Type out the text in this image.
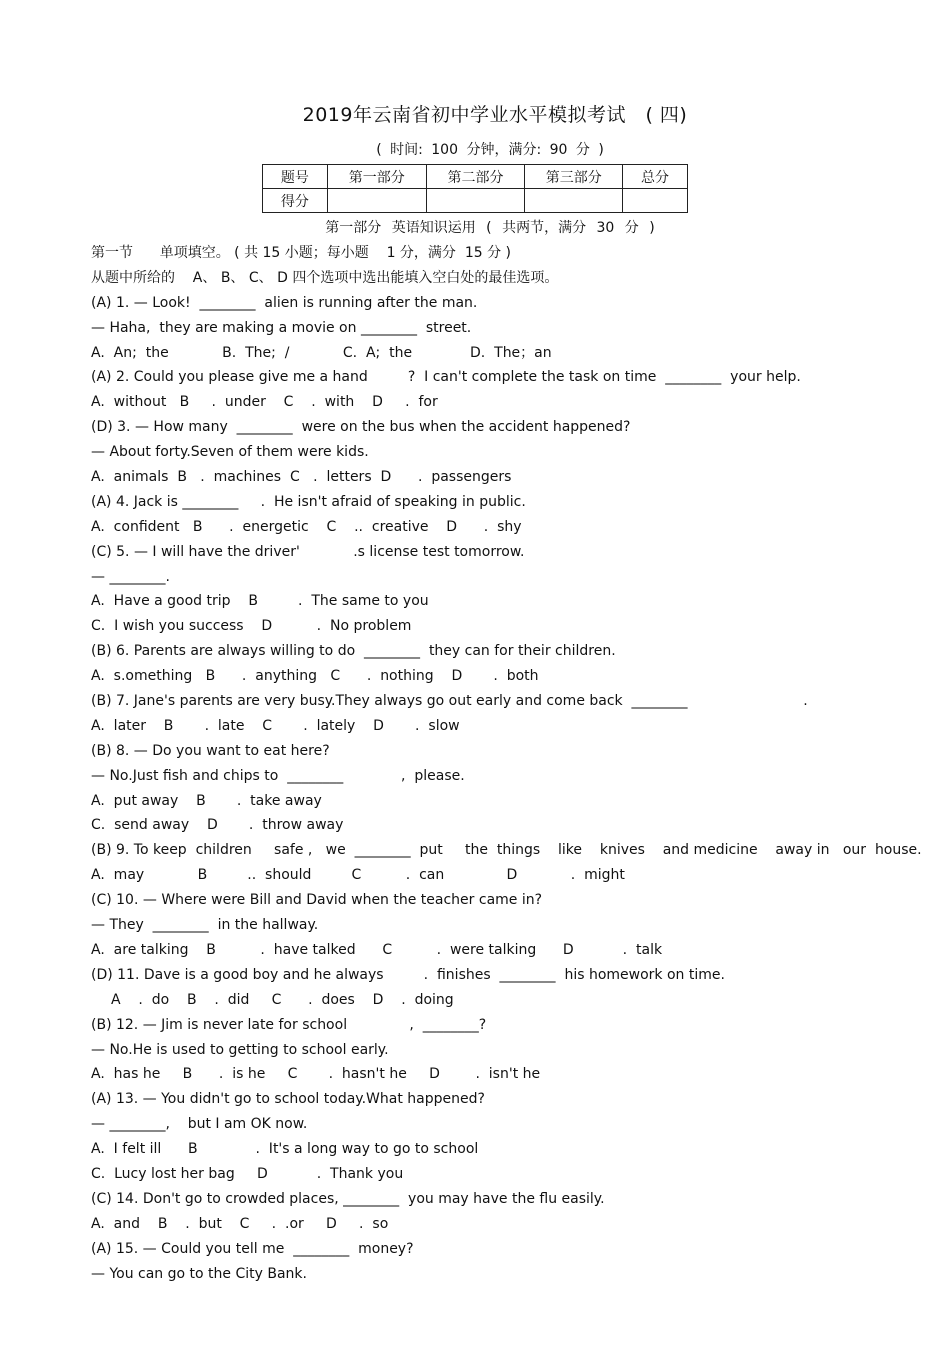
2019年云南省初中学业水平模拟考试　( 四)
( 时间: 100 分钟，满分: 90 分 )
题号	第一部分	第二部分	第三部分	总分
得分				
第一部分 英语知识运用 ( 共两节，满分 30 分 )
第一节      单项填空。 ( 共 15 小题；每小题    1 分，满分  15 分 )
从题中所给的    A、 B、 C、 D 四个选项中选出能填入空白处的最佳选项。
(A) 1. — Look!  ________  alien is running after the man.
— Haha,  they are making a movie on ________  street.
A.  An;  the            B.  The;  /            C.  A;  the             D.  The；an
(A) 2. Could you please give me a hand         ?  I can't complete the task on time  ________  your help.
A.  without   B     .  under    C    .  with    D     .  for
(D) 3. — How many  ________  were on the bus when the accident happened?
— About forty.Seven of them were kids.
A.  animals  B   .  machines  C   .  letters  D      .  passengers
(A) 4. Jack is ________     .  He isn't afraid of speaking in public.
A.  confident   B      .  energetic    C    ..  creative    D      .  shy
(C) 5. — I will have the driver'            .s license test tomorrow.
— ________.
A.  Have a good trip    B         .  The same to you
C.  I wish you success    D          .  No problem
(B) 6. Parents are always willing to do  ________  they can for their children.
A.  s.omething   B      .  anything   C      .  nothing    D       .  both
(B) 7. Jane's parents are very busy.They always go out early and come back  ________                          .
A.  later    B       .  late    C       .  lately    D       .  slow
(B) 8. — Do you want to eat here?
— No.Just fish and chips to  ________             ,  please.
A.  put away    B       .  take away
C.  send away    D       .  throw away
(B) 9. To keep  children     safe ,   we  ________  put     the  things    like    knives    and medicine    away in   our  house.
A.  may            B         ..  should         C          .  can              D            .  might
(C) 10. — Where were Bill and David when the teacher came in?
— They  ________  in the hallway.
A.  are talking    B          .  have talked      C          .  were talking      D           .  talk
(D) 11. Dave is a good boy and he always         .  finishes  ________  his homework on time.
A    .  do    B    .  did     C      .  does    D    .  doing
(B) 12. — Jim is never late for school              ,  ________?
— No.He is used to getting to school early.
A.  has he     B      .  is he     C       .  hasn't he     D        .  isn't he
(A) 13. — You didn't go to school today.What happened?
— ________,    but I am OK now.
A.  I felt ill      B             .  It's a long way to go to school
C.  Lucy lost her bag     D           .  Thank you
(C) 14. Don't go to crowded places, ________  you may have the flu easily.
A.  and    B    .  but    C     .  .or     D     .  so
(A) 15. — Could you tell me  ________  money?
— You can go to the City Bank.
